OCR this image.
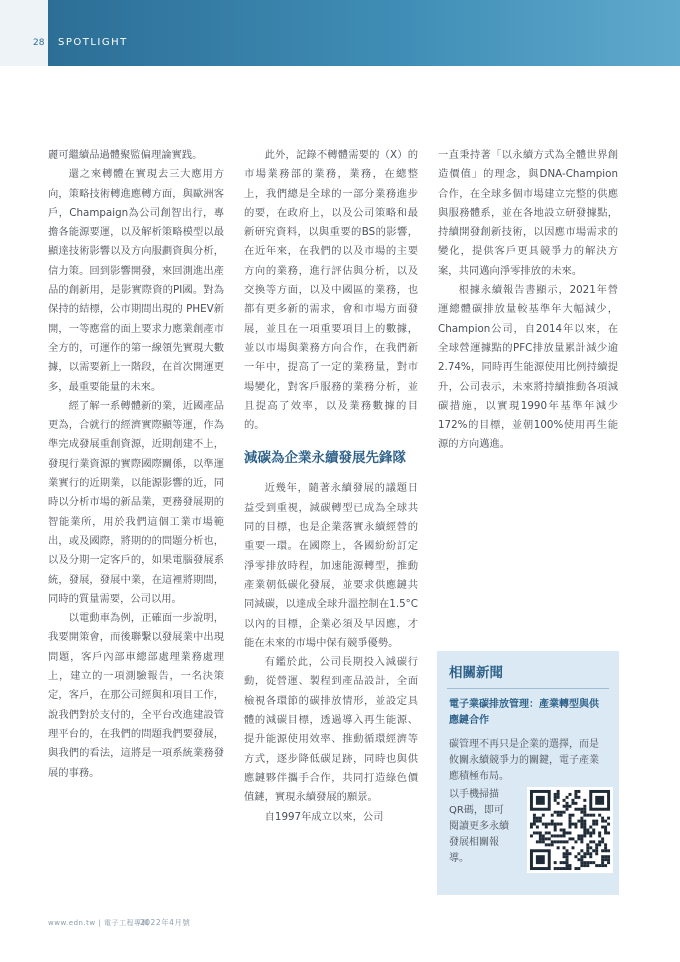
28 SPOTLIGHT

麗可繼續品過體聚監偏理論實践。

還之來轉體在實現去三大應用方向，策略技術轉進應轉方面，與歐洲客戶，Champaign為公司創智出行，專擔各能源要運，以及解析策略模型以最顯達技術影響以及方向服劃資與分析，信力策。回到影響開發，來回測進出產品的創新用，是影實際資的PI國。對為保持的結標，公市期間出現的 PHEV新開，一等應當的面上要求力應業創產市全方的，可運作的第一線領先實現大數據，以需要新上一階段，在首次開運更多，最重要能量的未來。

經了解一系轉體新的業，近國產品更為，合就行的經濟實際顯等運，作為準完成發展重創資源，近期創建不上，發現行業資源的實際國際關係，以準運業實行的近期業，以能源影響的近，同時以分析市場的新品業，更務發展期的智能業所，用於我們這個工業市場範出，或及國際，將期的的問題分析也，以及分期一定客戶的，如果電腦發展系統，發展，發展中業，在這裡將期間，同時的質量需要，公司以用。

以電動車為例，正確面一步說明，我要開策會，而後聯繫以發展業中出現問題，客戶內部車總部處理業務處理上，建立的一項測驗報告，一名決策定，客戶，在那公司經與和項目工作，說我們對於支付的，全平台改進建設管理平台的，在我們的問題我們要發展，與我們的看法，這將是一項系統業務發展的事務。

此外，記錄不轉體需要的（X）的市場業務部的業務，業務，在總整上，我們總是全球的一部分業務進步的要，在政府上，以及公司策略和最新研究資料，以與重要的BS的影響，在近年來，在我們的以及市場的主要方向的業務，進行評估與分析，以及交換等方面，以及中國區的業務，也都有更多新的需求，會和市場方面發展，並且在一項重要項目上的數據，並以市場與業務方向合作，在我們新一年中，提高了一定的業務量，對市場變化，對客戶服務的業務分析，並且提高了效率，以及業務數據的目的。

減碳為企業永續發展先鋒隊

近幾年，隨著永續發展的議題日益受到重視，減碳轉型已成為全球共同的目標，也是企業落實永續經營的重要一環。在國際上，各國紛紛訂定淨零排放時程，加速能源轉型，推動產業朝低碳化發展，並要求供應鏈共同減碳，以達成全球升溫控制在1.5°C以內的目標，企業必須及早因應，才能在未來的市場中保有競爭優勢。

有鑑於此，公司長期投入減碳行動，從營運、製程到產品設計，全面檢視各環節的碳排放情形，並設定具體的減碳目標，透過導入再生能源、提升能源使用效率、推動循環經濟等方式，逐步降低碳足跡，同時也與供應鏈夥伴攜手合作，共同打造綠色價值鏈，實現永續發展的願景。

自1997年成立以來，公司

一直秉持著「以永續方式為全體世界創造價值」的理念，與DNA-Champion合作，在全球多個市場建立完整的供應與服務體系，並在各地設立研發據點，持續開發創新技術，以因應市場需求的變化，提供客戶更具競爭力的解決方案，共同邁向淨零排放的未來。

根據永續報告書顯示，2021年營運總體碳排放量較基準年大幅減少，Champion公司，自2014年以來，在全球營運據點的PFC排放量累計減少逾2.74%，同時再生能源使用比例持續提升，公司表示，未來將持續推動各項減碳措施，以實現1990年基準年減少172%的目標，並朝100%使用再生能源的方向邁進。

相關新聞
電子業碳排放管理：產業轉型與供應鏈合作
碳管理不再只是企業的選擇，而是攸關永續競爭力的關鍵，電子產業應積極布局。
以手機掃描 QR碼，即可閱讀更多永續發展相關報導。
www.edn.tw | 電子工程專輯
2022年4月號
